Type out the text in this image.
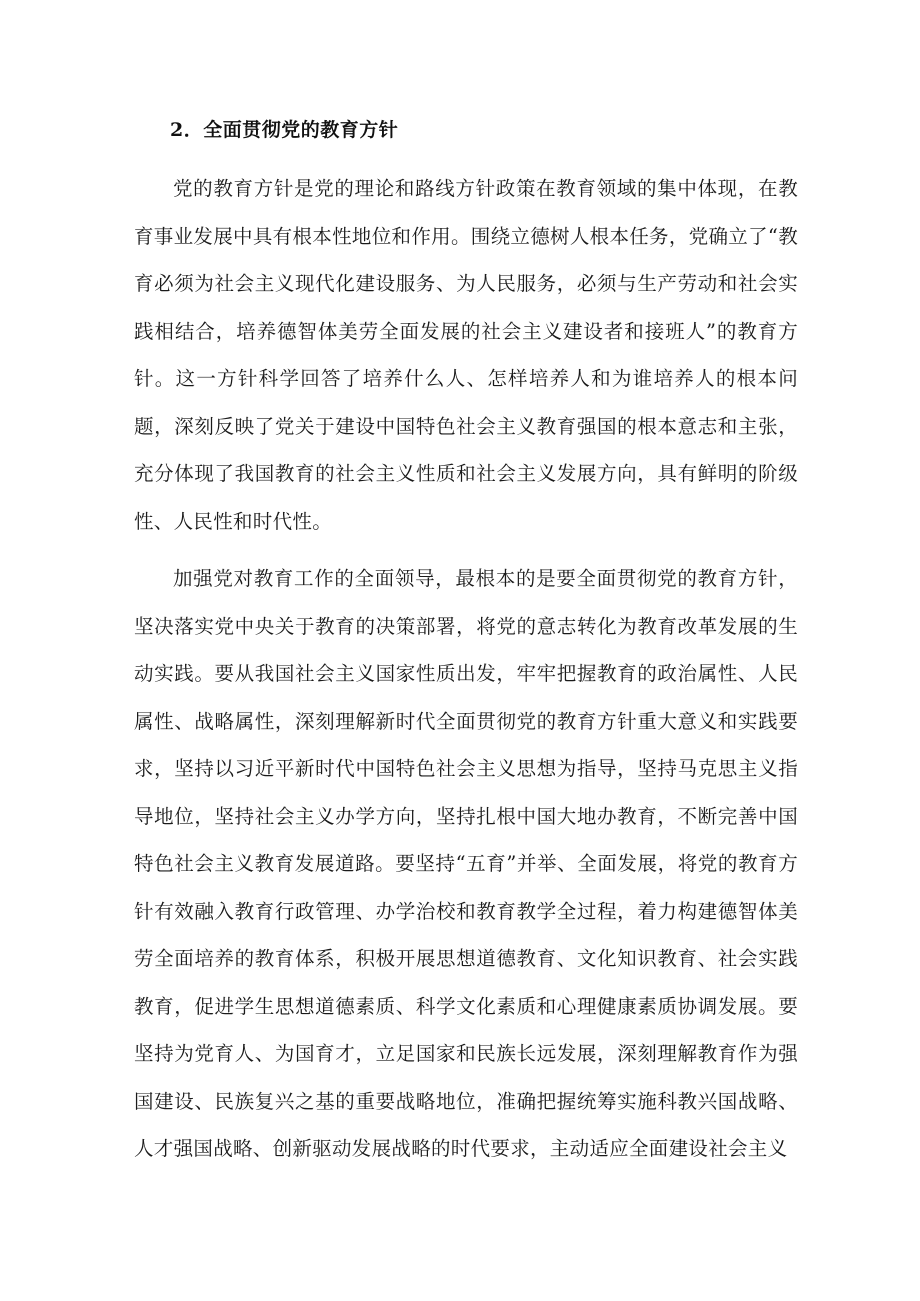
2．全面贯彻党的教育方针

党的教育方针是党的理论和路线方针政策在教育领域的集中体现，在教育事业发展中具有根本性地位和作用。围绕立德树人根本任务，党确立了“教育必须为社会主义现代化建设服务、为人民服务，必须与生产劳动和社会实践相结合，培养德智体美劳全面发展的社会主义建设者和接班人”的教育方针。这一方针科学回答了培养什么人、怎样培养人和为谁培养人的根本问题，深刻反映了党关于建设中国特色社会主义教育强国的根本意志和主张，充分体现了我国教育的社会主义性质和社会主义发展方向，具有鲜明的阶级性、人民性和时代性。

加强党对教育工作的全面领导，最根本的是要全面贯彻党的教育方针，坚决落实党中央关于教育的决策部署，将党的意志转化为教育改革发展的生动实践。要从我国社会主义国家性质出发，牢牢把握教育的政治属性、人民属性、战略属性，深刻理解新时代全面贯彻党的教育方针重大意义和实践要求，坚持以习近平新时代中国特色社会主义思想为指导，坚持马克思主义指导地位，坚持社会主义办学方向，坚持扎根中国大地办教育，不断完善中国特色社会主义教育发展道路。要坚持“五育”并举、全面发展，将党的教育方针有效融入教育行政管理、办学治校和教育教学全过程，着力构建德智体美劳全面培养的教育体系，积极开展思想道德教育、文化知识教育、社会实践教育，促进学生思想道德素质、科学文化素质和心理健康素质协调发展。要坚持为党育人、为国育才，立足国家和民族长远发展，深刻理解教育作为强国建设、民族复兴之基的重要战略地位，准确把握统筹实施科教兴国战略、人才强国战略、创新驱动发展战略的时代要求，主动适应全面建设社会主义
